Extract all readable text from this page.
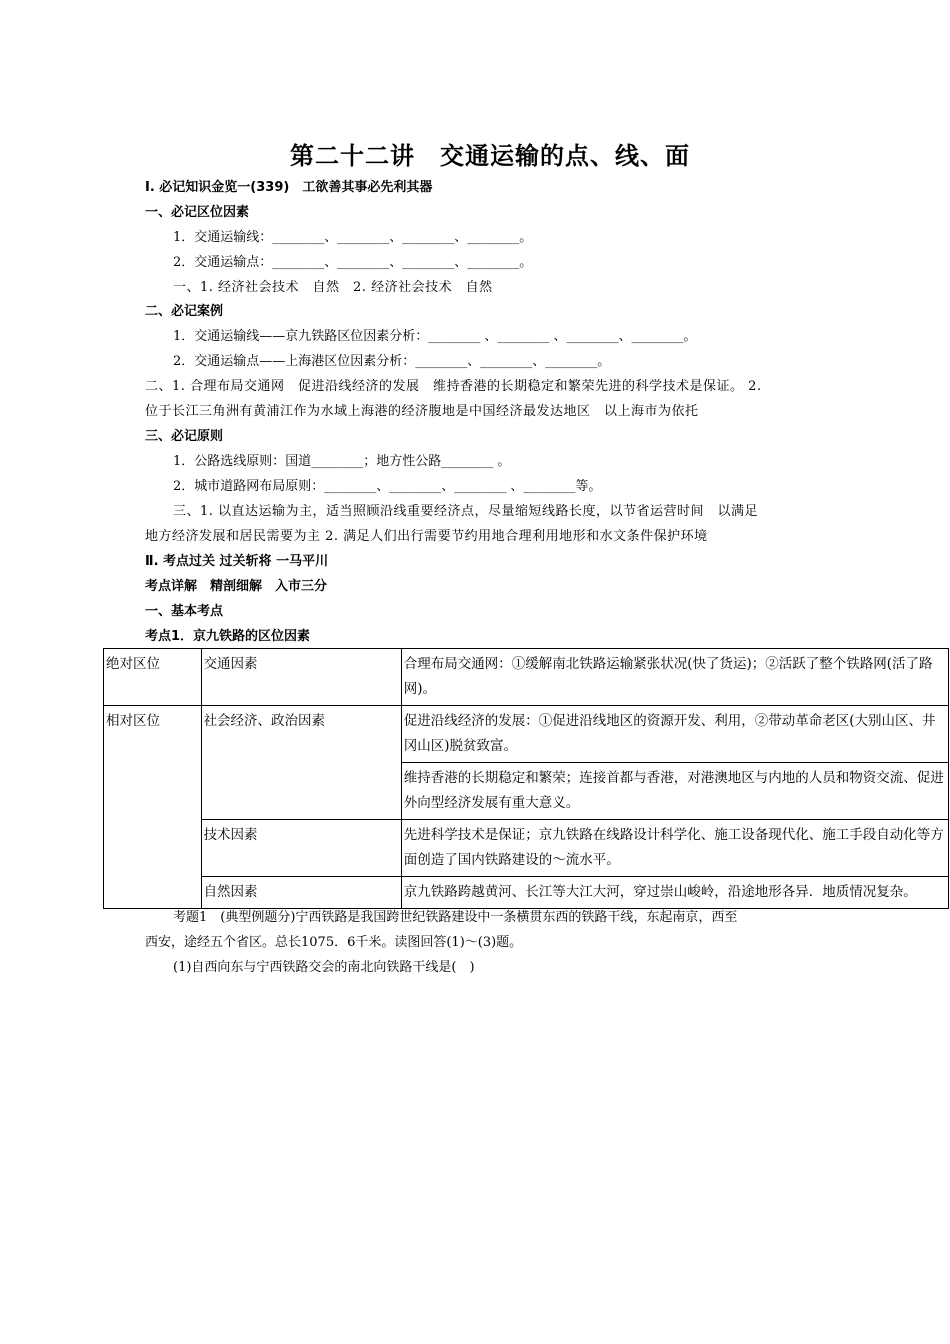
第二十二讲　交通运输的点、线、面
Ⅰ. 必记知识金览一(339)　工欲善其事必先利其器
一、必记区位因素
1．交通运输线：________、________、________、________。
2．交通运输点：________、________、________、________。
一、1. 经济社会技术　自然　2. 经济社会技术　自然
二、必记案例
1．交通运输线——京九铁路区位因素分析：________ 、________ 、________、________。
2．交通运输点——上海港区位因素分析：________、________、________。
二、1. 合理布局交通网　促进沿线经济的发展　维持香港的长期稳定和繁荣先进的科学技术是保证。 2.
位于长江三角洲有黄浦江作为水域上海港的经济腹地是中国经济最发达地区　以上海市为依托
三、必记原则
1．公路选线原则：国道________；地方性公路________ 。
2．城市道路网布局原则：________、________、________ 、________等。
三、1. 以直达运输为主，适当照顾沿线重要经济点，尽量缩短线路长度，以节省运营时间　以满足
地方经济发展和居民需要为主 2. 满足人们出行需要节约用地合理利用地形和水文条件保护环境
Ⅱ. 考点过关 过关斩将 一马平川
考点详解　精剖细解　入市三分
一、基本考点
考点1．京九铁路的区位因素
绝对区位	交通因素	合理布局交通网：①缓解南北铁路运输紧张状况(快了货运)；②活跃了整个铁路网(活了路网)。
相对区位	社会经济、政治因素	促进沿线经济的发展：①促进沿线地区的资源开发、利用，②带动革命老区(大别山区、井冈山区)脱贫致富。
		维持香港的长期稳定和繁荣；连接首都与香港，对港澳地区与内地的人员和物资交流、促进外向型经济发展有重大意义。
	技术因素	先进科学技术是保证；京九铁路在线路设计科学化、施工设备现代化、施工手段自动化等方面创造了国内铁路建设的～流水平。
	自然因素	京九铁路跨越黄河、长江等大江大河，穿过崇山峻岭，沿途地形各异．地质情况复杂。
考题1　(典型例题分)宁西铁路是我国跨世纪铁路建设中一条横贯东西的铁路干线，东起南京，西至
西安，途经五个省区。总长1075．6千米。读图回答(1)～(3)题。
(1)自西向东与宁西铁路交会的南北向铁路干线是(　)
